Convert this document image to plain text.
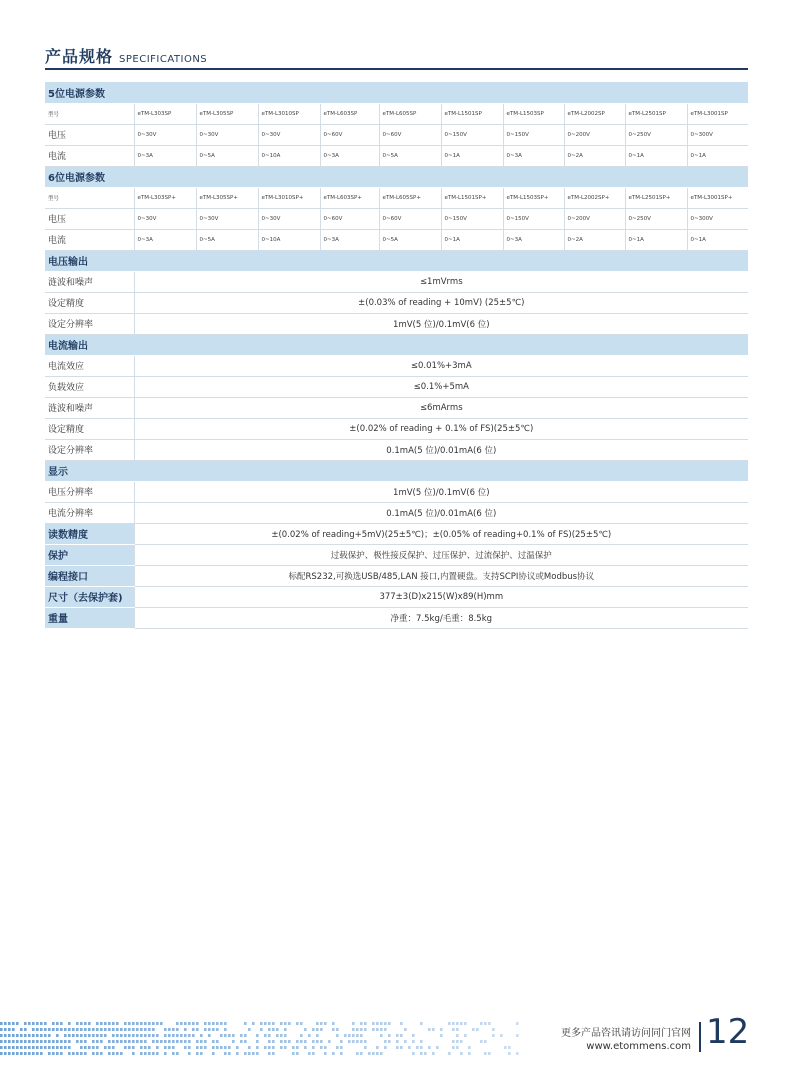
产品规格 SPECIFICATIONS
5位电源参数										
型号	eTM-L303SP	eTM-L305SP	eTM-L3010SP	eTM-L603SP	eTM-L605SP	eTM-L1501SP	eTM-L1503SP	eTM-L2002SP	eTM-L2501SP	eTM-L3001SP
电压	0~30V	0~30V	0~30V	0~60V	0~60V	0~150V	0~150V	0~200V	0~250V	0~300V
电流	0~3A	0~5A	0~10A	0~3A	0~5A	0~1A	0~3A	0~2A	0~1A	0~1A
6位电源参数										
型号	eTM-L303SP+	eTM-L305SP+	eTM-L3010SP+	eTM-L603SP+	eTM-L605SP+	eTM-L1501SP+	eTM-L1503SP+	eTM-L2002SP+	eTM-L2501SP+	eTM-L3001SP+
电压	0~30V	0~30V	0~30V	0~60V	0~60V	0~150V	0~150V	0~200V	0~250V	0~300V
电流	0~3A	0~5A	0~10A	0~3A	0~5A	0~1A	0~3A	0~2A	0~1A	0~1A
电压输出										
涟波和噪声	≤1mVrms									
设定精度	±(0.03% of reading + 10mV) (25±5℃)									
设定分辨率	1mV(5 位)/0.1mV(6 位)									
电流输出										
电流效应	≤0.01%+3mA									
负载效应	≤0.1%+5mA									
涟波和噪声	≤6mArms									
设定精度	±(0.02% of reading + 0.1% of FS)(25±5℃)									
设定分辨率	0.1mA(5 位)/0.01mA(6 位)									
显示										
电压分辨率	1mV(5 位)/0.1mV(6 位)									
电流分辨率	0.1mA(5 位)/0.01mA(6 位)									
读数精度	±(0.02% of reading+5mV)(25±5℃)；±(0.05% of reading+0.1% of FS)(25±5℃)									
保护	过载保护、极性接反保护、过压保护、过流保护、过温保护									
编程接口	标配RS232,可换选USB/485,LAN 接口,内置硬盘。支持SCPI协议或Modbus协议									
尺寸（去保护套)	377±3(D)x215(W)x89(H)mm									
重量	净重：7.5kg/毛重：8.5kg									
更多产品咨讯请访问同门官网
www.etommens.com 12
